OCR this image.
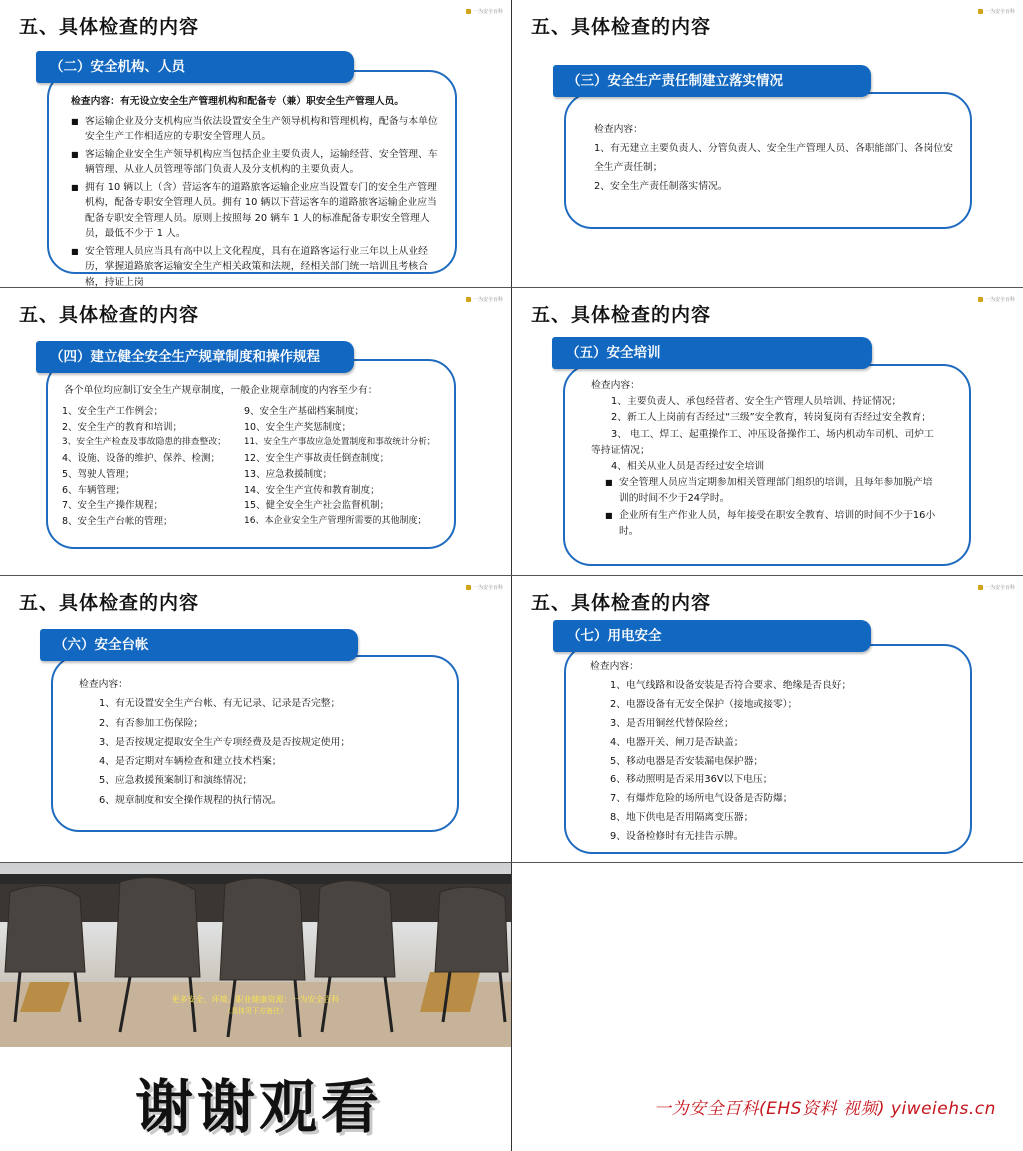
五、具体检查的内容
一为安全百科
检查内容：有无设立安全生产管理机构和配备专（兼）职安全生产管理人员。
■ 客运输企业及分支机构应当依法设置安全生产领导机构和管理机构，配备与本单位安全生产工作相适应的专职安全管理人员。
■ 客运输企业安全生产领导机构应当包括企业主要负责人，运输经营、安全管理、车辆管理、从业人员管理等部门负责人及分支机构的主要负责人。
■ 拥有 10 辆以上（含）营运客车的道路旅客运输企业应当设置专门的安全生产管理机构，配备专职安全管理人员。拥有 10 辆以下营运客车的道路旅客运输企业应当配备专职安全管理人员。原则上按照每 20 辆车 1 人的标准配备专职安全管理人员，最低不少于 1 人。
■ 安全管理人员应当具有高中以上文化程度，具有在道路客运行业三年以上从业经历，掌握道路旅客运输安全生产相关政策和法规，经相关部门统一培训且考核合格，持证上岗
（二）安全机构、人员
五、具体检查的内容
一为安全百科
检查内容：
1、有无建立主要负责人、分管负责人、安全生产管理人员、各职能部门、各岗位安全生产责任制；
2、安全生产责任制落实情况。
（三）安全生产责任制建立落实情况
五、具体检查的内容
一为安全百科
各个单位均应制订安全生产规章制度，一般企业规章制度的内容至少有：
1、安全生产工作例会；
2、安全生产的教育和培训；
3、安全生产检查及事故隐患的排查整改；
4、设施、设备的维护、保养、检测；
5、驾驶人管理；
6、车辆管理；
7、安全生产操作规程；
8、安全生产台帐的管理；
9、安全生产基础档案制度；
10、安全生产奖惩制度；
11、安全生产事故应急处置制度和事故统计分析；
12、安全生产事故责任倒查制度；
13、应急救援制度；
14、安全生产宣传和教育制度；
15、健全安全生产社会监督机制；
16、本企业安全生产管理所需要的其他制度；
（四）建立健全安全生产规章制度和操作规程
五、具体检查的内容
一为安全百科
检查内容：
1、主要负责人、承包经营者、安全生产管理人员培训、持证情况；
2、新工人上岗前有否经过“三级”安全教育，转岗复岗有否经过安全教育；
3、 电工、焊工、起重操作工、冲压设备操作工、场内机动车司机、司炉工等持证情况；
4、相关从业人员是否经过安全培训
■ 安全管理人员应当定期参加相关管理部门组织的培训，且每年参加脱产培训的时间不少于24学时。
■ 企业所有生产作业人员，每年接受在职安全教育、培训的时间不少于16小时。
（五）安全培训
五、具体检查的内容
一为安全百科
检查内容：
1、有无设置安全生产台帐、有无记录、记录是否完整；
2、有否参加工伤保险；
3、是否按规定提取安全生产专项经费及是否按规定使用；
4、是否定期对车辆检查和建立技术档案；
5、应急救援预案制订和演练情况；
6、规章制度和安全操作规程的执行情况。
（六）安全台帐
五、具体检查的内容
一为安全百科
检查内容：
1、电气线路和设备安装是否符合要求、绝缘是否良好；
2、电器设备有无安全保护（接地或接零）；
3、是否用铜丝代替保险丝；
4、电器开关、闸刀是否缺盖；
5、移动电器是否安装漏电保护器；
6、移动照明是否采用36V以下电压；
7、有爆炸危险的场所电气设备是否防爆；
8、地下供电是否用隔离变压器；
9、设备检修时有无挂告示牌。
（七）用电安全
更多安全、环境、职业健康资源：一为安全百科
（具体见下方备注）
谢谢观看	一为安全百科(EHS资料 视频) yiweiehs.cn
